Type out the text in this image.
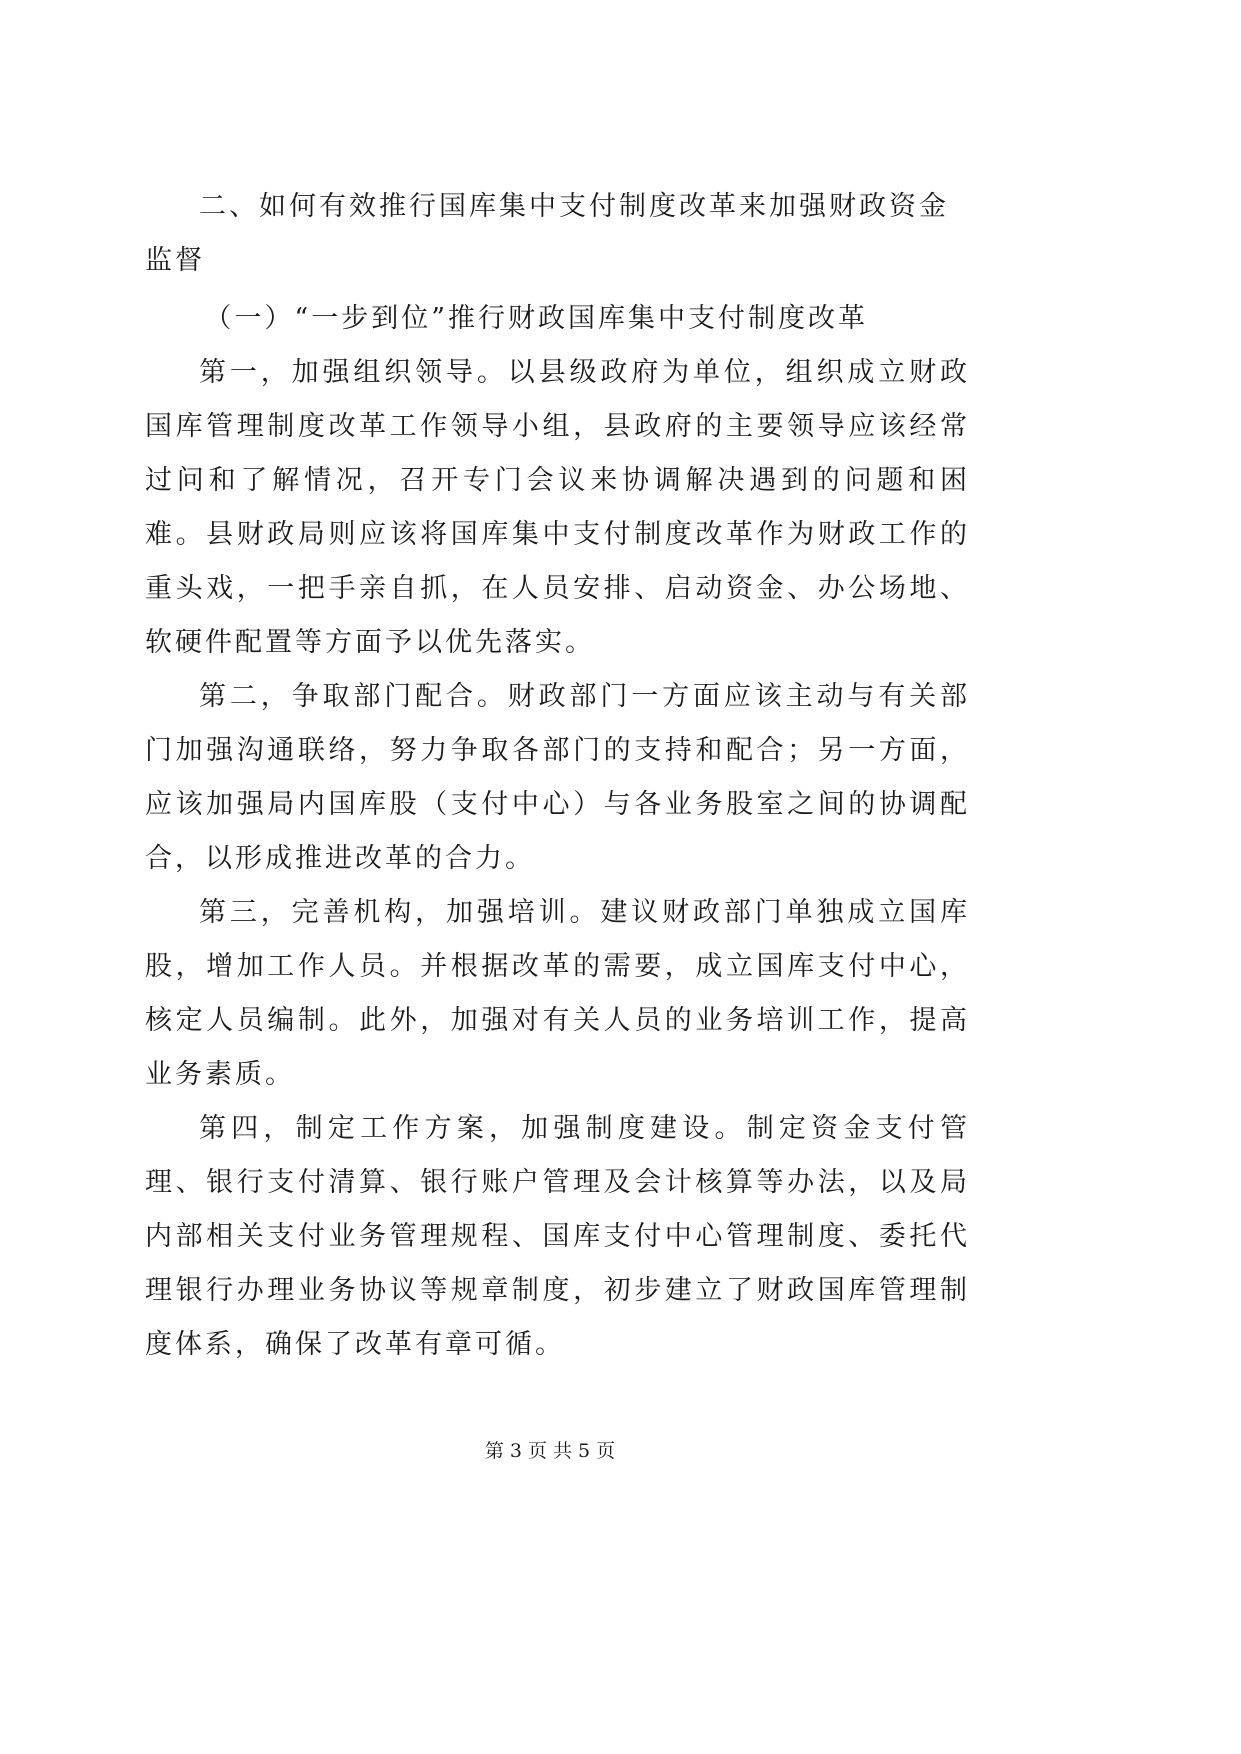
二、如何有效推行国库集中支付制度改革来加强财政资金监督

（一）“一步到位”推行财政国库集中支付制度改革

第一，加强组织领导。以县级政府为单位，组织成立财政国库管理制度改革工作领导小组，县政府的主要领导应该经常过问和了解情况，召开专门会议来协调解决遇到的问题和困难。县财政局则应该将国库集中支付制度改革作为财政工作的重头戏，一把手亲自抓，在人员安排、启动资金、办公场地、软硬件配置等方面予以优先落实。

第二，争取部门配合。财政部门一方面应该主动与有关部门加强沟通联络，努力争取各部门的支持和配合；另一方面，应该加强局内国库股（支付中心）与各业务股室之间的协调配合，以形成推进改革的合力。

第三，完善机构，加强培训。建议财政部门单独成立国库股，增加工作人员。并根据改革的需要，成立国库支付中心，核定人员编制。此外，加强对有关人员的业务培训工作，提高业务素质。

第四，制定工作方案，加强制度建设。制定资金支付管理、银行支付清算、银行账户管理及会计核算等办法，以及局内部相关支付业务管理规程、国库支付中心管理制度、委托代理银行办理业务协议等规章制度，初步建立了财政国库管理制度体系，确保了改革有章可循。

第 3 页 共 5 页
